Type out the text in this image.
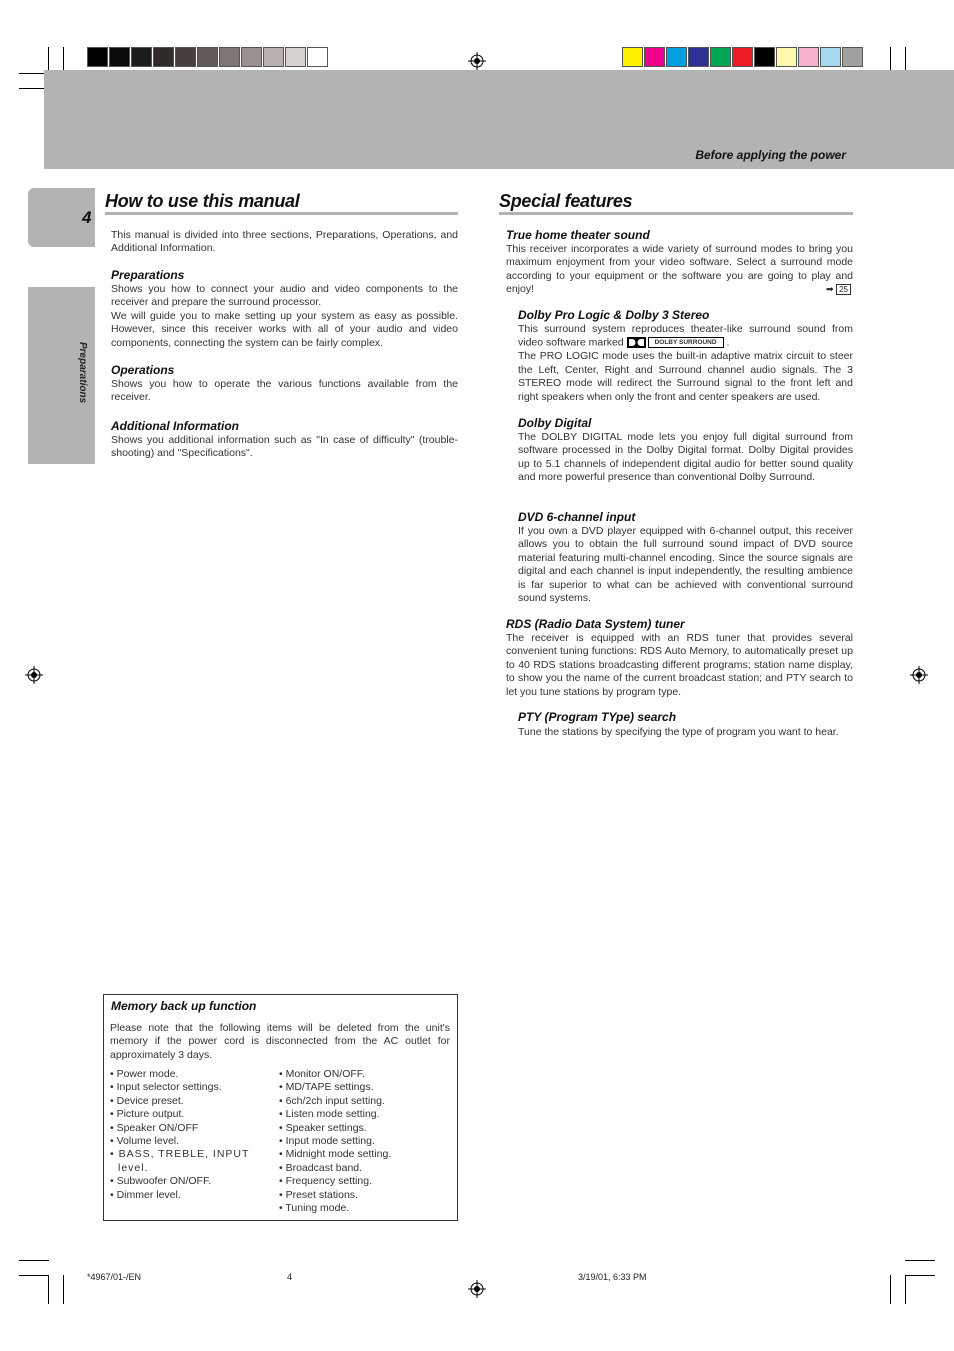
Before applying the power
4
Preparations
How to use this manual
This manual is divided into three sections, Preparations, Operations, and Additional Information.
Preparations
Shows you how to connect your audio and video components to the receiver and prepare the surround processor.
We will guide you to make setting up your system as easy as possible. However, since this receiver works with all of your audio and video components, connecting the system can be fairly complex.
Operations
Shows you how to operate the various functions available from the receiver.
Additional Information
Shows you additional information such as "In case of difficulty" (trouble-shooting) and "Specifications".
Memory back up function
Please note that the following items will be deleted from the unit's memory if the power cord is disconnected from the AC outlet for approximately 3 days.
• Power mode.
• Input selector settings.
• Device preset.
• Picture output.
• Speaker ON/OFF
• Volume level.
• BASS, TREBLE, INPUT level.
• Subwoofer ON/OFF.
• Dimmer level.
• Monitor ON/OFF.
• MD/TAPE settings.
• 6ch/2ch input setting.
• Listen mode setting.
• Speaker settings.
• Input mode setting.
• Midnight mode setting.
• Broadcast band.
• Frequency setting.
• Preset stations.
• Tuning mode.
Special features
True home theater sound
This receiver incorporates a wide variety of surround modes to bring you maximum enjoyment from your video software. Select a surround mode according to your equipment or the software you are going to play and enjoy!	➡ 25
Dolby Pro Logic & Dolby 3 Stereo
This surround system reproduces theater-like surround sound from video software marked	DOLBY SURROUND .
The PRO LOGIC mode uses the built-in adaptive matrix circuit to steer the Left, Center, Right and Surround channel audio signals. The 3 STEREO mode will redirect the Surround signal to the front left and right speakers when only the front and center speakers are used.
Dolby Digital
The DOLBY DIGITAL mode lets you enjoy full digital surround from software processed in the Dolby Digital format. Dolby Digital provides up to 5.1 channels of independent digital audio for better sound quality and more powerful presence than conventional Dolby Surround.
DVD 6-channel input
If you own a DVD player equipped with 6-channel output, this receiver allows you to obtain the full surround sound impact of DVD source material featuring multi-channel encoding. Since the source signals are digital and each channel is input independently, the resulting ambience is far superior to what can be achieved with conventional surround sound systems.
RDS (Radio Data System) tuner
The receiver is equipped with an RDS tuner that provides several convenient tuning functions: RDS Auto Memory, to automatically preset up to 40 RDS stations broadcasting different programs; station name display, to show you the name of the current broadcast station; and PTY search to let you tune stations by program type.
PTY (Program TYpe) search
Tune the stations by specifying the type of program you want to hear.
*4967/01-/EN	4	3/19/01, 6:33 PM
